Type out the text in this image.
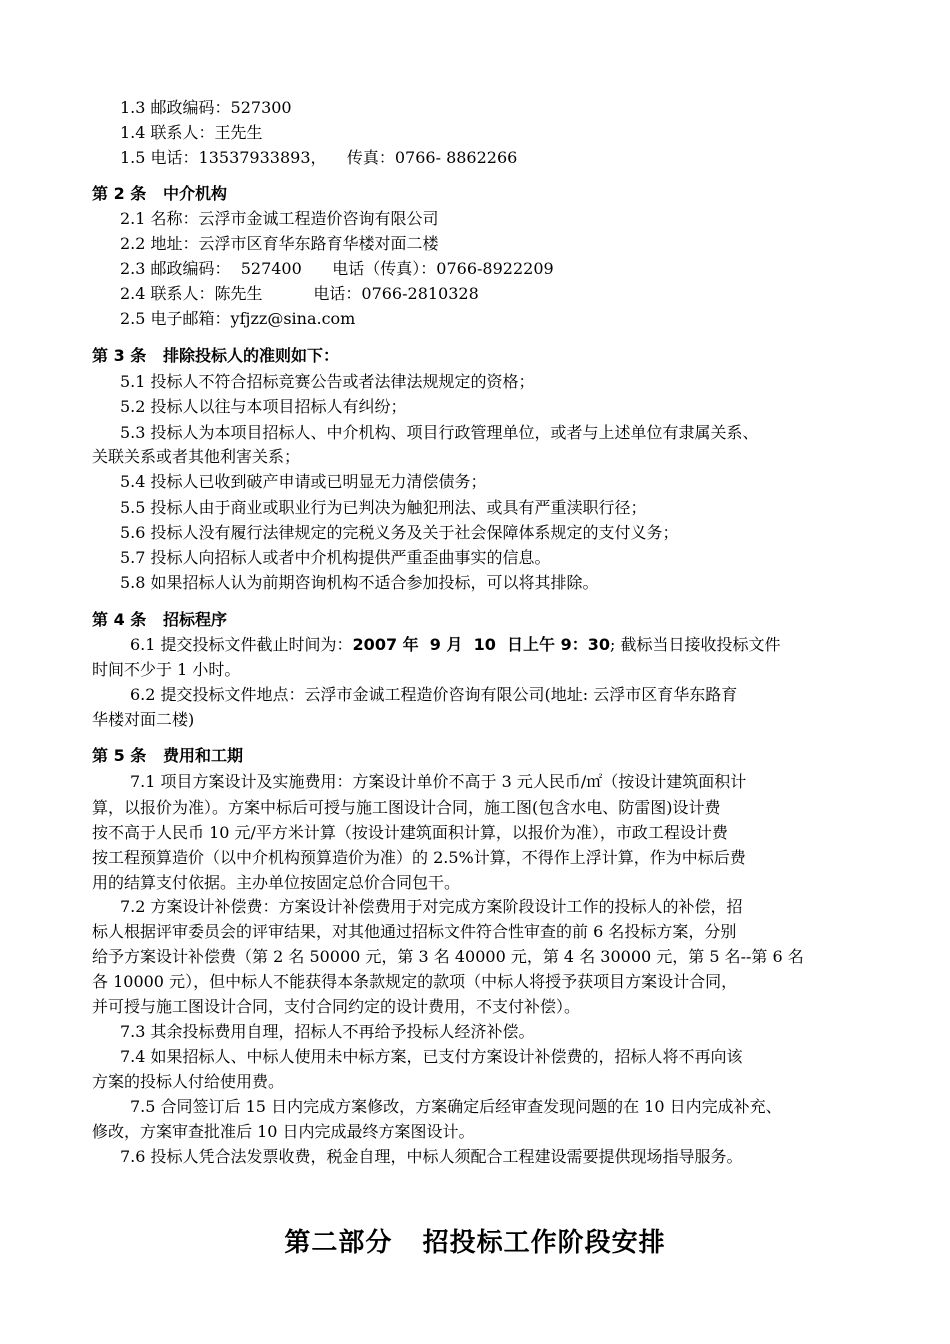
1.3 邮政编码：527300
1.4 联系人：王先生
1.5 电话：13537933893，    传真：0766- 8862266
第 2 条   中介机构
2.1 名称：云浮市金诚工程造价咨询有限公司
2.2 地址：云浮市区育华东路育华楼对面二楼
2.3 邮政编码：  527400      电话（传真）：0766-8922209
2.4 联系人：陈先生          电话：0766-2810328
2.5 电子邮箱：yfjzz@sina.com
第 3 条   排除投标人的准则如下：
5.1 投标人不符合招标竞赛公告或者法律法规规定的资格；
5.2 投标人以往与本项目招标人有纠纷；
5.3 投标人为本项目招标人、中介机构、项目行政管理单位，或者与上述单位有隶属关系、
关联关系或者其他利害关系；
5.4 投标人已收到破产申请或已明显无力清偿债务；
5.5 投标人由于商业或职业行为已判决为触犯刑法、或具有严重渎职行径；
5.6 投标人没有履行法律规定的完税义务及关于社会保障体系规定的支付义务；
5.7 投标人向招标人或者中介机构提供严重歪曲事实的信息。
5.8 如果招标人认为前期咨询机构不适合参加投标，可以将其排除。
第 4 条   招标程序
6.1 提交投标文件截止时间为：2007 年  9 月  10  日上午 9：30; 截标当日接收投标文件
时间不少于 1 小时。
6.2 提交投标文件地点：云浮市金诚工程造价咨询有限公司(地址: 云浮市区育华东路育
华楼对面二楼)
第 5 条   费用和工期
7.1 项目方案设计及实施费用：方案设计单价不高于 3 元人民币/㎡（按设计建筑面积计
算，以报价为准）。方案中标后可授与施工图设计合同，施工图(包含水电、防雷图)设计费
按不高于人民币 10 元/平方米计算（按设计建筑面积计算，以报价为准），市政工程设计费
按工程预算造价（以中介机构预算造价为准）的 2.5%计算，不得作上浮计算，作为中标后费
用的结算支付依据。主办单位按固定总价合同包干。
7.2 方案设计补偿费：方案设计补偿费用于对完成方案阶段设计工作的投标人的补偿，招
标人根据评审委员会的评审结果，对其他通过招标文件符合性审查的前 6 名投标方案，分别
给予方案设计补偿费（第 2 名 50000 元，第 3 名 40000 元，第 4 名 30000 元，第 5 名--第 6 名
各 10000 元），但中标人不能获得本条款规定的款项（中标人将授予获项目方案设计合同，
并可授与施工图设计合同，支付合同约定的设计费用，不支付补偿）。
7.3 其余投标费用自理，招标人不再给予投标人经济补偿。
7.4 如果招标人、中标人使用未中标方案，已支付方案设计补偿费的，招标人将不再向该
方案的投标人付给使用费。
7.5 合同签订后 15 日内完成方案修改，方案确定后经审查发现问题的在 10 日内完成补充、
修改，方案审查批准后 10 日内完成最终方案图设计。
7.6 投标人凭合法发票收费，税金自理，中标人须配合工程建设需要提供现场指导服务。
第二部分   招投标工作阶段安排
